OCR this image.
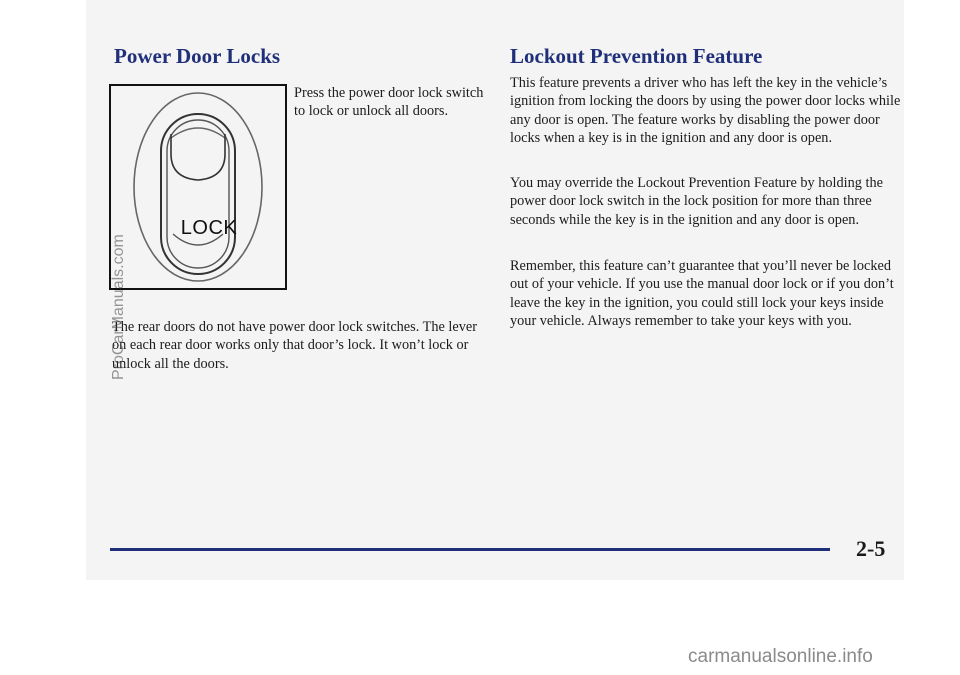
Power Door Locks
LOCK

Press the power door lock switch to lock or unlock all doors.

The rear doors do not have power door lock switches. The lever on each rear door works only that door’s lock. It won’t lock or unlock all the doors.

Lockout Prevention Feature

This feature prevents a driver who has left the key in the vehicle’s ignition from locking the doors by using the power door locks while any door is open. The feature works by disabling the power door locks when a key is in the ignition and any door is open.

You may override the Lockout Prevention Feature by holding the power door lock switch in the lock position for more than three seconds while the key is in the ignition and any door is open.

Remember, this feature can’t guarantee that you’ll never be locked out of your vehicle. If you use the manual door lock or if you don’t leave the key in the ignition, you could still lock your keys inside your vehicle. Always remember to take your keys with you.

2-5

ProCarManuals.com
carmanualsonline.info
